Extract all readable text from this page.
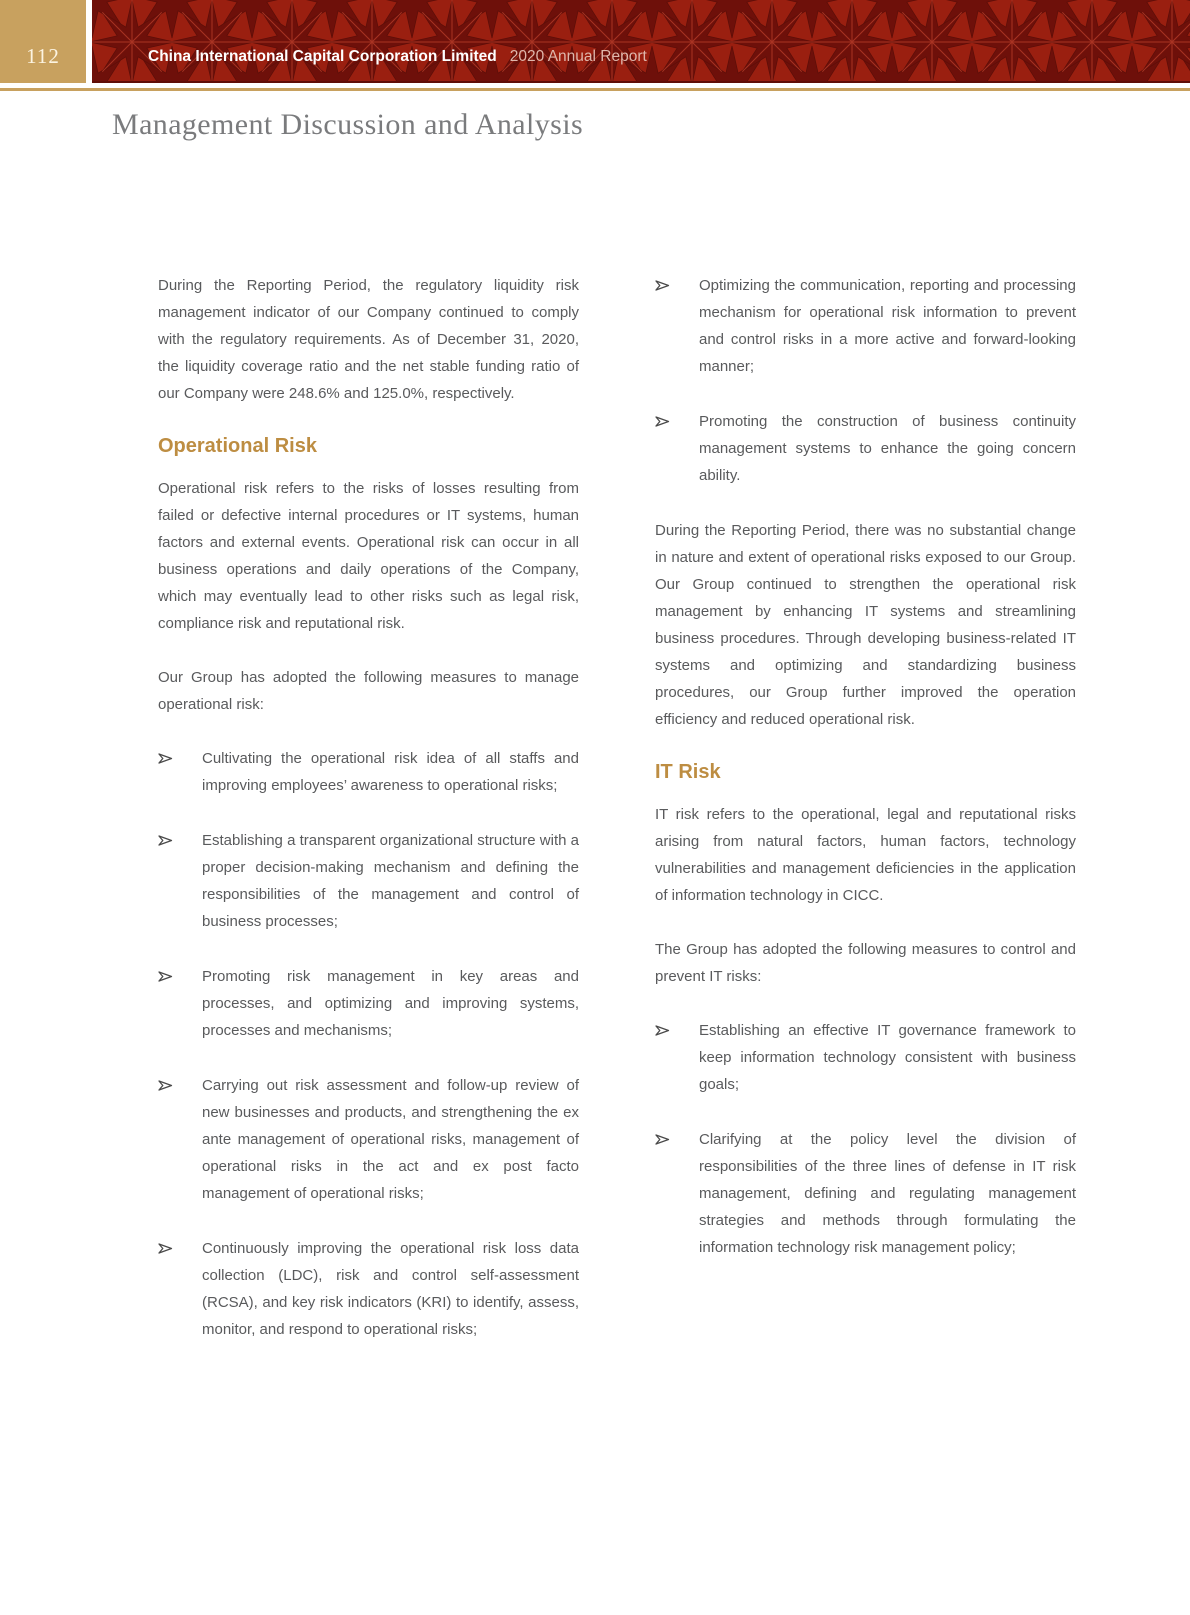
112	China International Capital Corporation Limited 2020 Annual Report
Management Discussion and Analysis

During the Reporting Period, the regulatory liquidity risk management indicator of our Company continued to comply with the regulatory requirements. As of December 31, 2020, the liquidity coverage ratio and the net stable funding ratio of our Company were 248.6% and 125.0%, respectively.

Operational Risk

Operational risk refers to the risks of losses resulting from failed or defective internal procedures or IT systems, human factors and external events. Operational risk can occur in all business operations and daily operations of the Company, which may eventually lead to other risks such as legal risk, compliance risk and reputational risk.

Our Group has adopted the following measures to manage operational risk:

Cultivating the operational risk idea of all staffs and improving employees’ awareness to operational risks;

Establishing a transparent organizational structure with a proper decision-making mechanism and defining the responsibilities of the management and control of business processes;

Promoting risk management in key areas and processes, and optimizing and improving systems, processes and mechanisms;

Carrying out risk assessment and follow-up review of new businesses and products, and strengthening the ex ante management of operational risks, management of operational risks in the act and ex post facto management of operational risks;

Continuously improving the operational risk loss data collection (LDC), risk and control self-assessment (RCSA), and key risk indicators (KRI) to identify, assess, monitor, and respond to operational risks;

Optimizing the communication, reporting and processing mechanism for operational risk information to prevent and control risks in a more active and forward-looking manner;

Promoting the construction of business continuity management systems to enhance the going concern ability.

During the Reporting Period, there was no substantial change in nature and extent of operational risks exposed to our Group. Our Group continued to strengthen the operational risk management by enhancing IT systems and streamlining business procedures. Through developing business-related IT systems and optimizing and standardizing business procedures, our Group further improved the operation efficiency and reduced operational risk.

IT Risk

IT risk refers to the operational, legal and reputational risks arising from natural factors, human factors, technology vulnerabilities and management deficiencies in the application of information technology in CICC.

The Group has adopted the following measures to control and prevent IT risks:

Establishing an effective IT governance framework to keep information technology consistent with business goals;

Clarifying at the policy level the division of responsibilities of the three lines of defense in IT risk management, defining and regulating management strategies and methods through formulating the information technology risk management policy;
